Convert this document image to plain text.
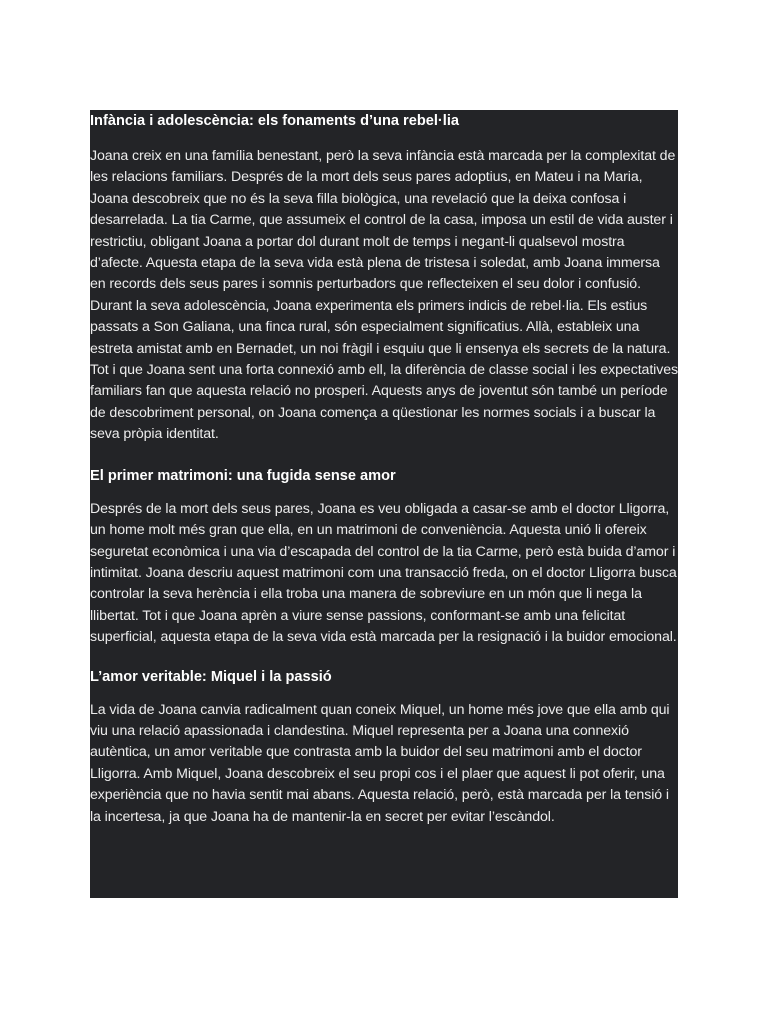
Infància i adolescència: els fonaments d’una rebel·lia

Joana creix en una família benestant, però la seva infància està marcada per la complexitat de les relacions familiars. Després de la mort dels seus pares adoptius, en Mateu i na Maria, Joana descobreix que no és la seva filla biològica, una revelació que la deixa confosa i desarrelada. La tia Carme, que assumeix el control de la casa, imposa un estil de vida auster i restrictiu, obligant Joana a portar dol durant molt de temps i negant-li qualsevol mostra d’afecte. Aquesta etapa de la seva vida està plena de tristesa i soledat, amb Joana immersa en records dels seus pares i somnis perturbadors que reflecteixen el seu dolor i confusió.

Durant la seva adolescència, Joana experimenta els primers indicis de rebel·lia. Els estius passats a Son Galiana, una finca rural, són especialment significatius. Allà, estableix una estreta amistat amb en Bernadet, un noi fràgil i esquiu que li ensenya els secrets de la natura. Tot i que Joana sent una forta connexió amb ell, la diferència de classe social i les expectatives familiars fan que aquesta relació no prosperi. Aquests anys de joventut són també un període de descobriment personal, on Joana comença a qüestionar les normes socials i a buscar la seva pròpia identitat.

El primer matrimoni: una fugida sense amor

Després de la mort dels seus pares, Joana es veu obligada a casar-se amb el doctor Lligorra, un home molt més gran que ella, en un matrimoni de conveniència. Aquesta unió li ofereix seguretat econòmica i una via d’escapada del control de la tia Carme, però està buida d’amor i intimitat. Joana descriu aquest matrimoni com una transacció freda, on el doctor Lligorra busca controlar la seva herència i ella troba una manera de sobreviure en un món que li nega la llibertat. Tot i que Joana aprèn a viure sense passions, conformant-se amb una felicitat superficial, aquesta etapa de la seva vida està marcada per la resignació i la buidor emocional.

L’amor veritable: Miquel i la passió

La vida de Joana canvia radicalment quan coneix Miquel, un home més jove que ella amb qui viu una relació apassionada i clandestina. Miquel representa per a Joana una connexió autèntica, un amor veritable que contrasta amb la buidor del seu matrimoni amb el doctor Lligorra. Amb Miquel, Joana descobreix el seu propi cos i el plaer que aquest li pot oferir, una experiència que no havia sentit mai abans. Aquesta relació, però, està marcada per la tensió i la incertesa, ja que Joana ha de mantenir-la en secret per evitar l’escàndol.
